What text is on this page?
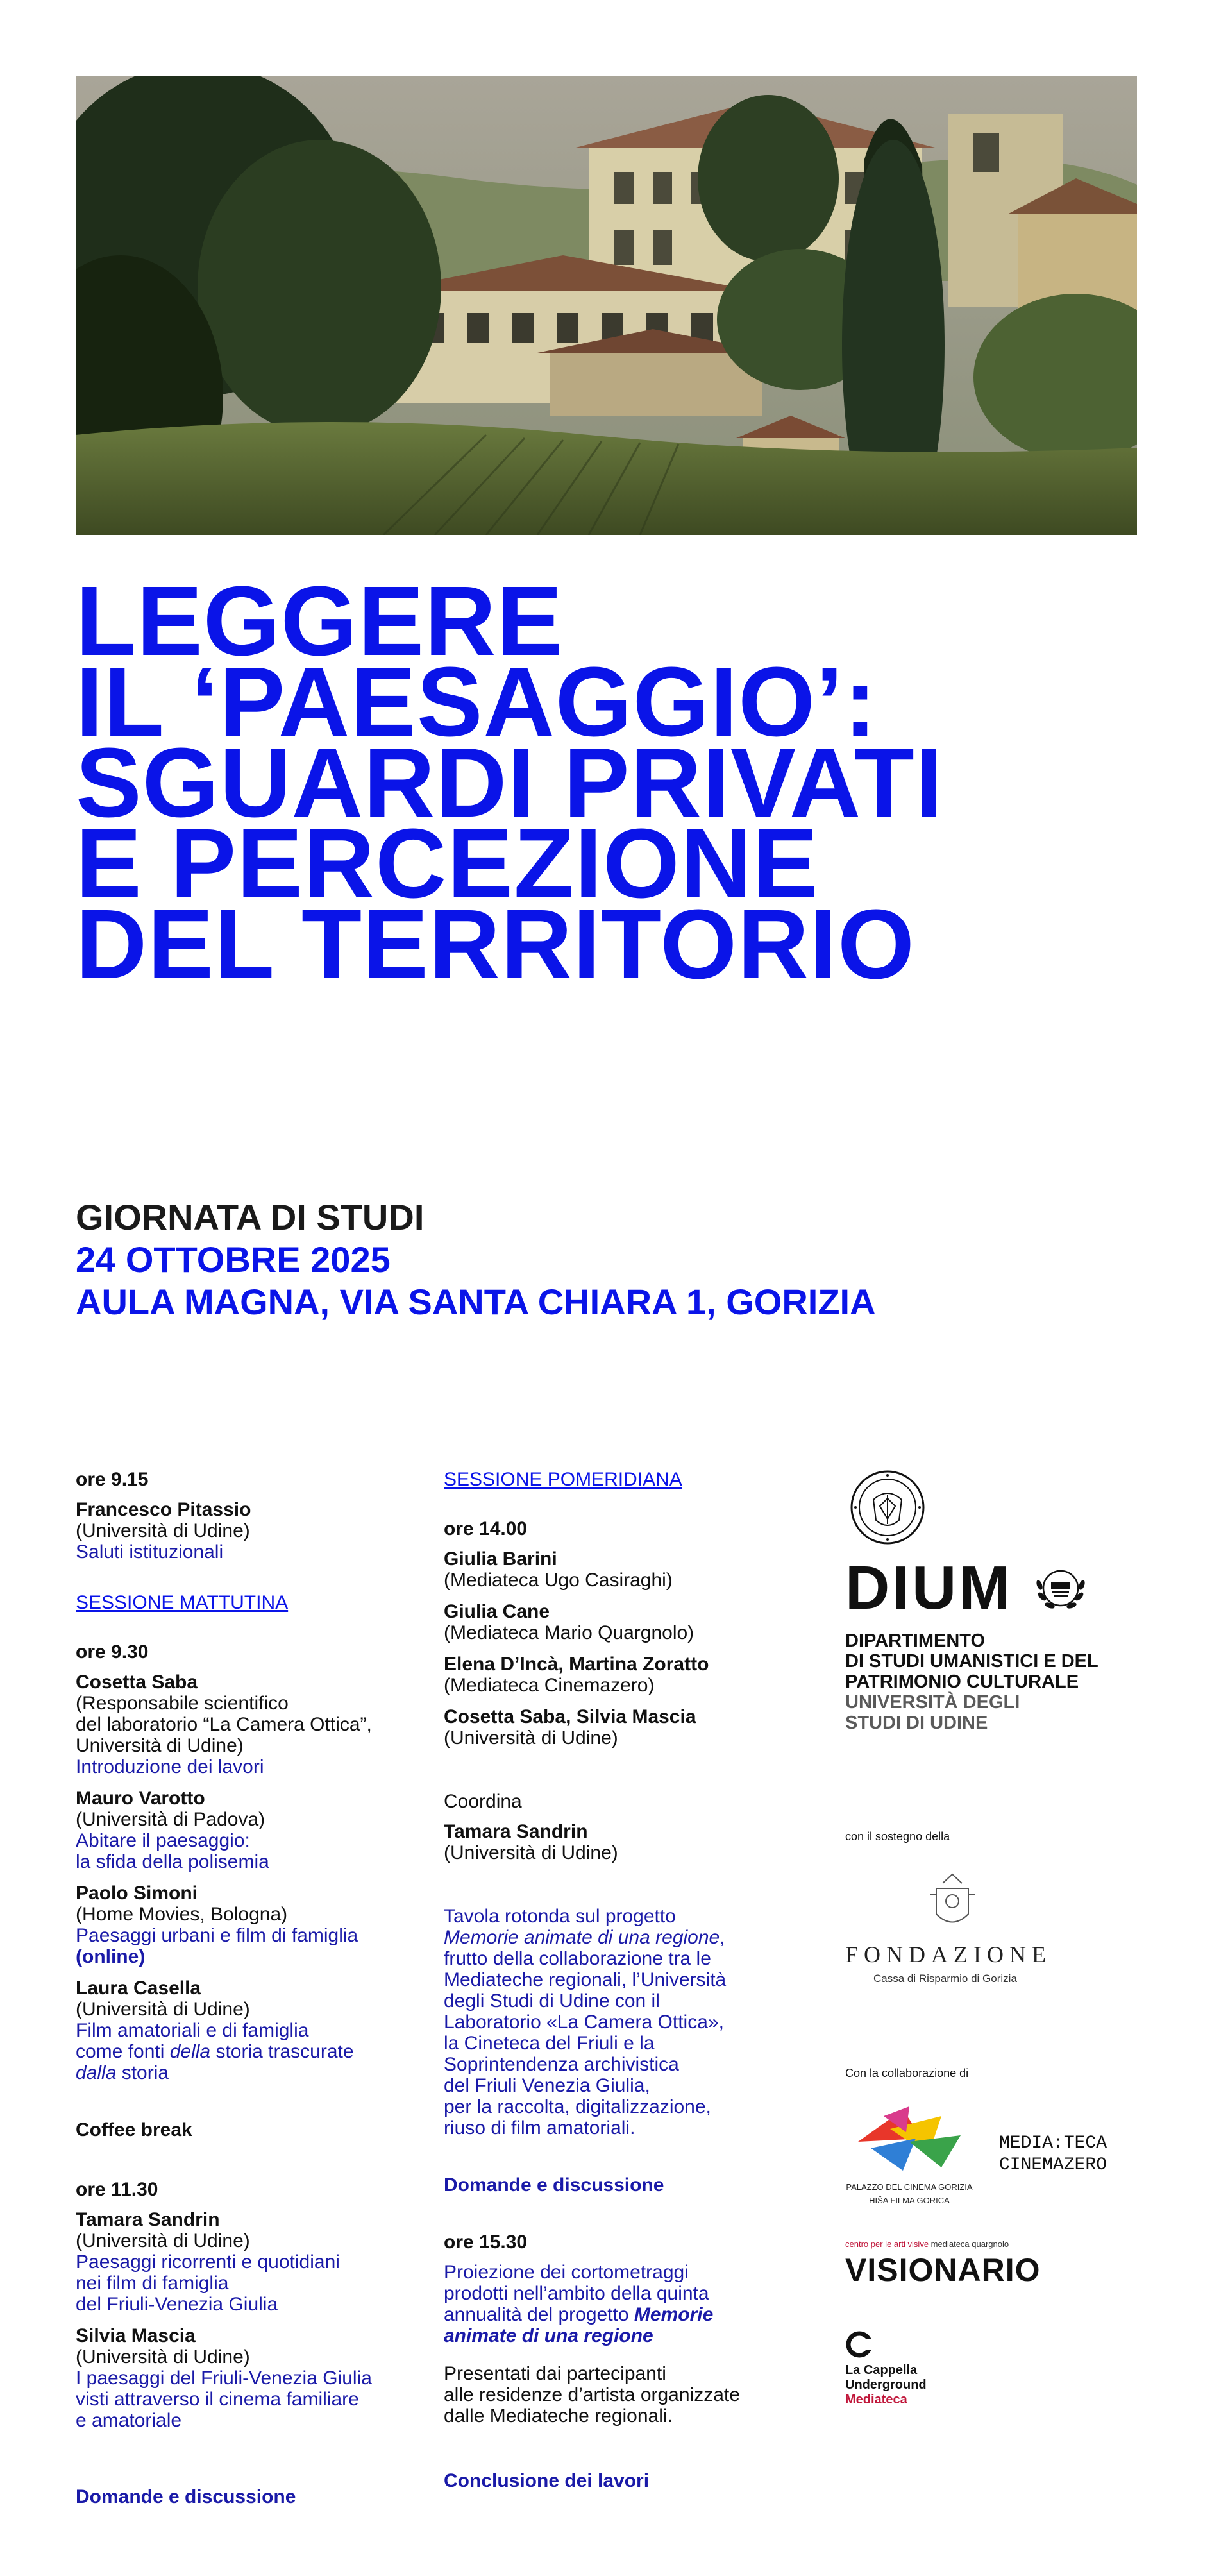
LEGGERE
IL ‘PAESAGGIO’:
SGUARDI PRIVATI
E PERCEZIONE
DEL TERRITORIO
GIORNATA DI STUDI
24 OTTOBRE 2025
AULA MAGNA, VIA SANTA CHIARA 1, GORIZIA
ore 9.15
Francesco Pitassio
(Università di Udine)
Saluti istituzionali
SESSIONE MATTUTINA
ore 9.30
Cosetta Saba
(Responsabile scientifico
del laboratorio “La Camera Ottica”,
Università di Udine)
Introduzione dei lavori
Mauro Varotto
(Università di Padova)
Abitare il paesaggio:
la sfida della polisemia
Paolo Simoni
(Home Movies, Bologna)
Paesaggi urbani e film di famiglia
(online)
Laura Casella
(Università di Udine)
Film amatoriali e di famiglia
come fonti della storia trascurate
dalla storia
Coffee break
ore 11.30
Tamara Sandrin
(Università di Udine)
Paesaggi ricorrenti e quotidiani
nei film di famiglia
del Friuli-Venezia Giulia
Silvia Mascia
(Università di Udine)
I paesaggi del Friuli-Venezia Giulia
visti attraverso il cinema familiare
e amatoriale
Domande e discussione
SESSIONE POMERIDIANA
ore 14.00
Giulia Barini
(Mediateca Ugo Casiraghi)
Giulia Cane
(Mediateca Mario Quargnolo)
Elena D’Incà, Martina Zoratto
(Mediateca Cinemazero)
Cosetta Saba, Silvia Mascia
(Università di Udine)
Coordina
Tamara Sandrin
(Università di Udine)
Tavola rotonda sul progetto
Memorie animate di una regione,
frutto della collaborazione tra le
Mediateche regionali, l’Università
degli Studi di Udine con il
Laboratorio «La Camera Ottica»,
la Cineteca del Friuli e la
Soprintendenza archivistica
del Friuli Venezia Giulia,
per la raccolta, digitalizzazione,
riuso di film amatoriali.
Domande e discussione
ore 15.30
Proiezione dei cortometraggi
prodotti nell’ambito della quinta
annualità del progetto Memorie
animate di una regione
Presentati dai partecipanti
alle residenze d’artista organizzate
dalle Mediateche regionali.
Conclusione dei lavori
DIUM
DIPARTIMENTO
DI STUDI UMANISTICI E DEL
PATRIMONIO CULTURALE
UNIVERSITÀ DEGLI
STUDI DI UDINE
con il sostegno della
FONDAZIONE
Cassa di Risparmio di Gorizia
Con la collaborazione di
PALAZZO DEL CINEMA GORIZIA
HIŠA FILMA GORICA
MEDIA:TECA
CINEMAZERO
centro per le arti visive mediateca quargnolo
VISIONARIO
La Cappella
Underground
Mediateca
